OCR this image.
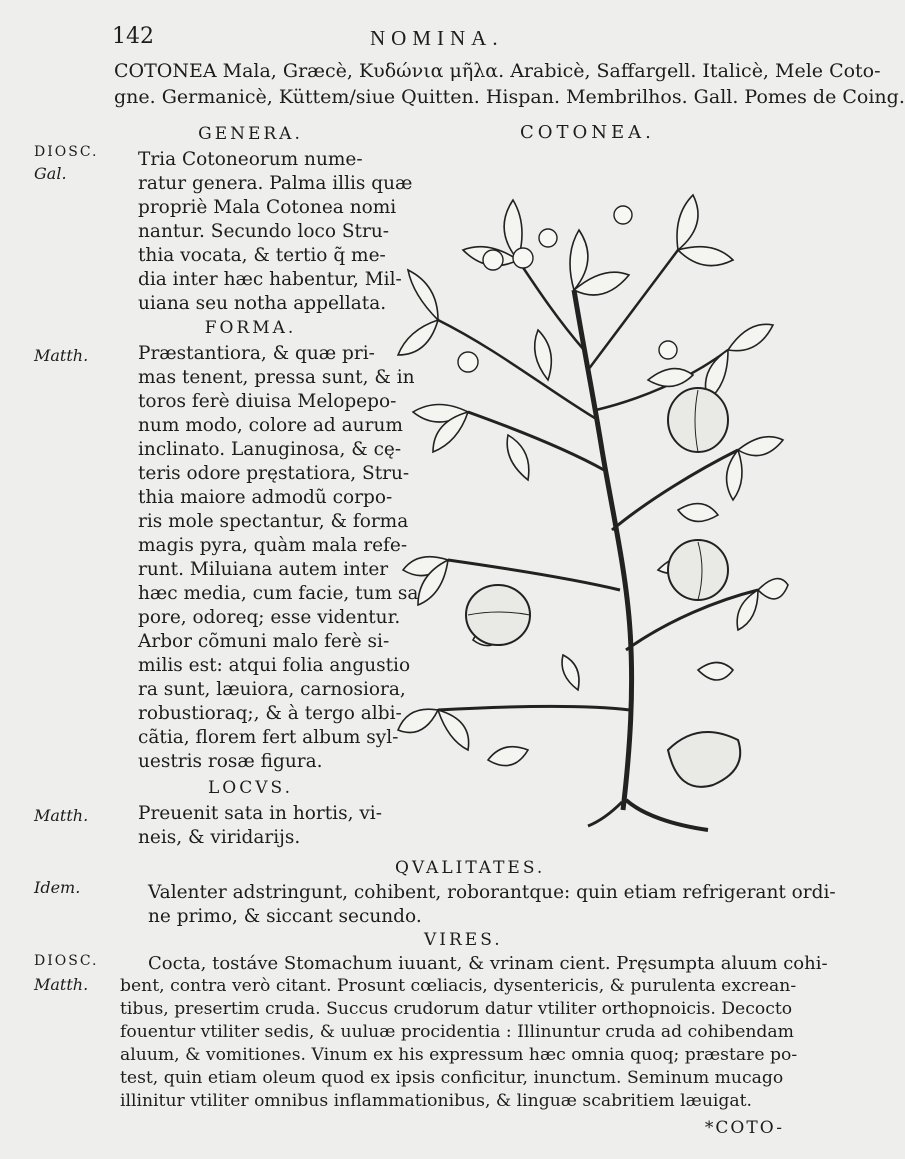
142	NOMINA.
COTONEA Mala, Græcè, Κυδώνια μῆλα. Arabicè, Saffargell. Italicè, Mele Coto-
gne. Germanicè, Küttem/siue Quitten. Hispan. Membrilhos. Gall. Pomes de Coing.
DIOSC.
Gal.
Matth.
Matth.
Idem.
DIOSC.
Matth.
GENERA.
Tria Cotoneorum nume-
ratur genera. Palma illis quæ
propriè Mala Cotonea nomi
nantur. Secundo loco Stru-
thia vocata, & tertio q̃ me-
dia inter hæc habentur, Mil-
uiana seu notha appellata.
FORMA.
Præstantiora, & quæ pri-
mas tenent, pressa sunt, & in
toros ferè diuisa Melopepo-
num modo, colore ad aurum
inclinato. Lanuginosa, & cę-
teris odore pręstatiora, Stru-
thia maiore admodũ corpo-
ris mole spectantur, & forma
magis pyra, quàm mala refe-
runt. Miluiana autem inter
hæc media, cum facie, tum sa
pore, odoreq; esse videntur.
Arbor cõmuni malo ferè si-
milis est: atqui folia angustio
ra sunt, læuiora, carnosiora,
robustioraq;, & à tergo albi-
cãtia, florem fert album syl-
uestris rosæ figura.
LOCVS.
Preuenit sata in hortis, vi-
neis, & viridarijs.
COTONEA.
QVALITATES.
Valenter adstringunt, cohibent, roborantque: quin etiam refrigerant ordi-
ne primo, & siccant secundo.
VIRES.
Cocta, tostáve Stomachum iuuant, & vrinam cient. Pręsumpta aluum cohi-
bent, contra verò citant. Prosunt cœliacis, dysentericis, & purulenta excrean-
tibus, presertim cruda. Succus crudorum datur vtiliter orthopnoicis. Decocto
fouentur vtiliter sedis, & uuluæ procidentia : Illinuntur cruda ad cohibendam
aluum, & vomitiones. Vinum ex his expressum hæc omnia quoq; præstare po-
test, quin etiam oleum quod ex ipsis conficitur, inunctum. Seminum mucago
illinitur vtiliter omnibus inflammationibus, & linguæ scabritiem læuigat.
*COTO-
